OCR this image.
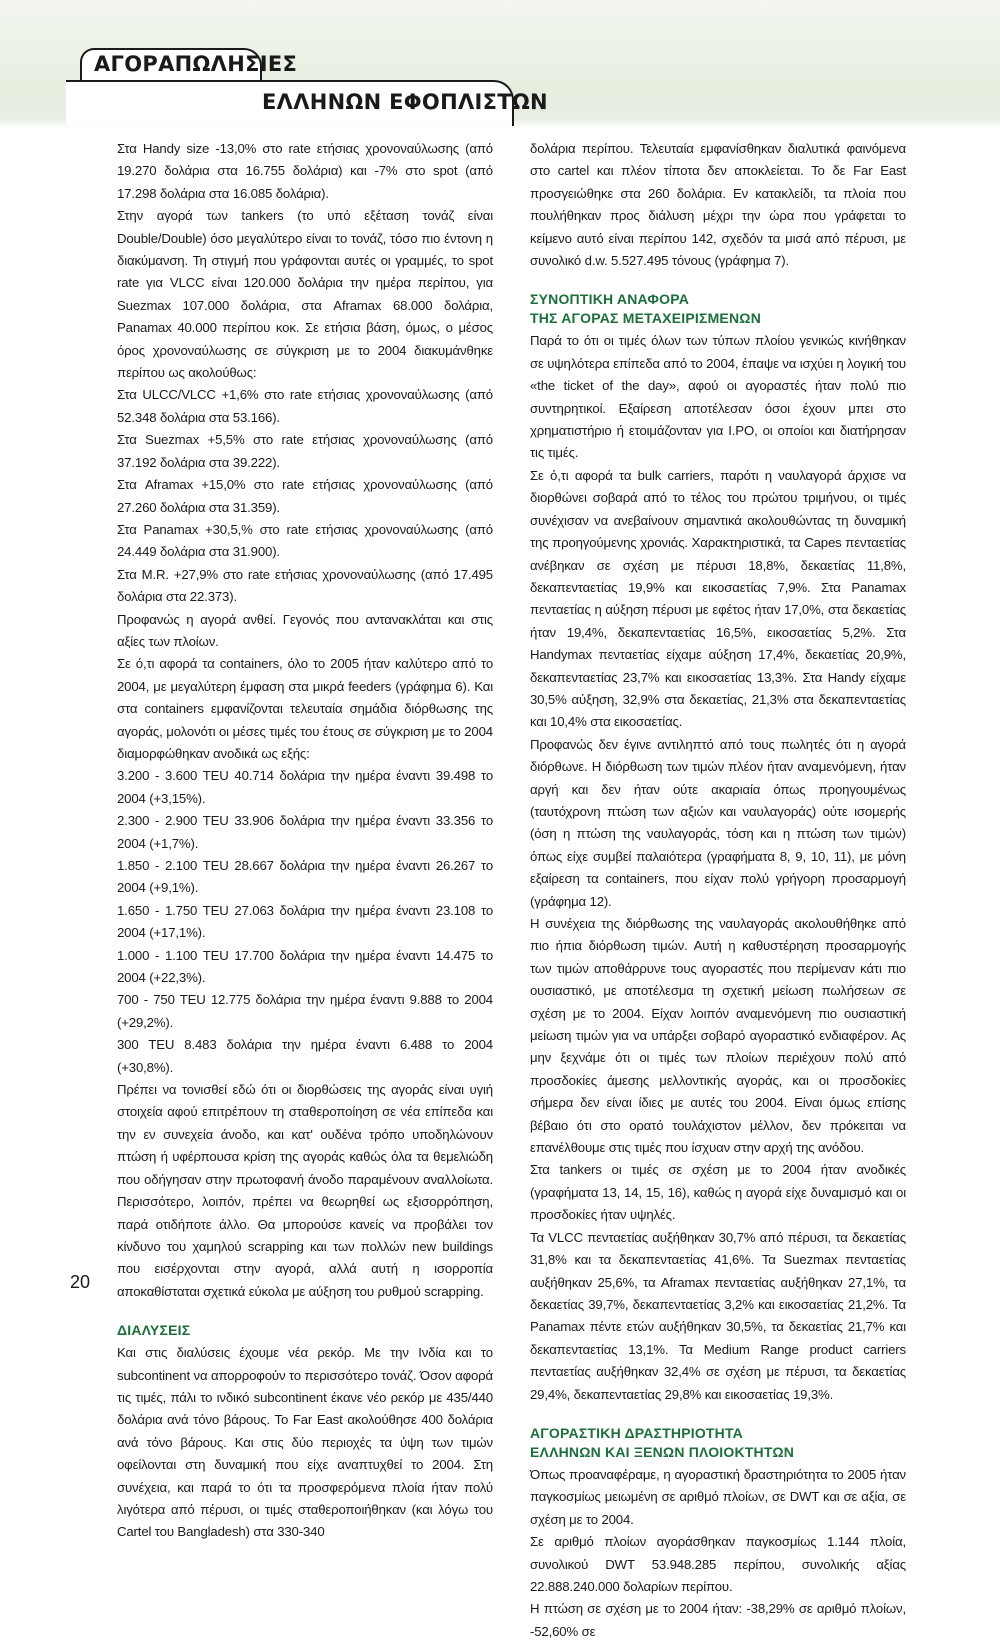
ΑΓΟΡΑΠΩΛΗΣΙΕΣ
ΕΛΛΗΝΩΝ ΕΦΟΠΛΙΣΤΩΝ

Στα Handy size -13,0% στο rate ετήσιας χρονοναύλωσης (από 19.270 δολάρια στα 16.755 δολάρια) και -7% στο spot (από 17.298 δολάρια στα 16.085 δολάρια).

Στην αγορά των tankers (το υπό εξέταση τονάζ είναι Double/Double) όσο μεγαλύτερο είναι το τονάζ, τόσο πιο έντονη η διακύμανση. Τη στιγμή που γράφονται αυτές οι γραμμές, το spot rate για VLCC είναι 120.000 δολάρια την ημέρα περίπου, για Suezmax 107.000 δολάρια, στα Aframax 68.000 δολάρια, Panamax 40.000 περίπου κοκ. Σε ετήσια βάση, όμως, ο μέσος όρος χρονοναύλωσης σε σύγκριση με το 2004 διακυμάνθηκε περίπου ως ακολούθως:

Στα ULCC/VLCC +1,6% στο rate ετήσιας χρονοναύλωσης (από 52.348 δολάρια στα 53.166).

Στα Suezmax +5,5% στο rate ετήσιας χρονοναύλωσης (από 37.192 δολάρια στα 39.222).

Στα Aframax +15,0% στο rate ετήσιας χρονοναύλωσης (από 27.260 δολάρια στα 31.359).

Στα Panamax +30,5,% στο rate ετήσιας χρονοναύλωσης (από 24.449 δολάρια στα 31.900).

Στα M.R. +27,9% στο rate ετήσιας χρονοναύλωσης (από 17.495 δολάρια στα 22.373).

Προφανώς η αγορά ανθεί. Γεγονός που αντανακλάται και στις αξίες των πλοίων.

Σε ό,τι αφορά τα containers, όλο το 2005 ήταν καλύτερο από το 2004, με μεγαλύτερη έμφαση στα μικρά feeders (γράφημα 6). Και στα containers εμφανίζονται τελευταία σημάδια διόρθωσης της αγοράς, μολονότι οι μέσες τιμές του έτους σε σύγκριση με το 2004 διαμορφώθηκαν ανοδικά ως εξής:

3.200 - 3.600 TEU 40.714 δολάρια την ημέρα έναντι 39.498 το 2004 (+3,15%).

2.300 - 2.900 TEU 33.906 δολάρια την ημέρα έναντι 33.356 το 2004 (+1,7%).

1.850 - 2.100 TEU 28.667 δολάρια την ημέρα έναντι 26.267 το 2004 (+9,1%).

1.650 - 1.750 TEU 27.063 δολάρια την ημέρα έναντι 23.108 το 2004 (+17,1%).

1.000 - 1.100 TEU 17.700 δολάρια την ημέρα έναντι 14.475 το 2004 (+22,3%).

700 - 750 TEU 12.775 δολάρια την ημέρα έναντι 9.888 το 2004 (+29,2%).

300 TEU 8.483 δολάρια την ημέρα έναντι 6.488 το 2004 (+30,8%).

Πρέπει να τονισθεί εδώ ότι οι διορθώσεις της αγοράς είναι υγιή στοιχεία αφού επιτρέπουν τη σταθεροποίηση σε νέα επίπεδα και την εν συνεχεία άνοδο, και κατ' ουδένα τρόπο υποδηλώνουν πτώση ή υφέρπουσα κρίση της αγοράς καθώς όλα τα θεμελιώδη που οδήγησαν στην πρωτοφανή άνοδο παραμένουν αναλλοίωτα. Περισσότερο, λοιπόν, πρέπει να θεωρηθεί ως εξισορρόπηση, παρά οτιδήποτε άλλο. Θα μπορούσε κανείς να προβάλει τον κίνδυνο του χαμηλού scrapping και των πολλών new buildings που εισέρχονται στην αγορά, αλλά αυτή η ισορροπία αποκαθίσταται σχετικά εύκολα με αύξηση του ρυθμού scrapping.

ΔΙΑΛΥΣΕΙΣ

Και στις διαλύσεις έχουμε νέα ρεκόρ. Με την Ινδία και το subcontinent να απορροφούν το περισσότερο τονάζ. Όσον αφορά τις τιμές, πάλι το ινδικό subcontinent έκανε νέο ρεκόρ με 435/440 δολάρια ανά τόνο βάρους. Το Far East ακολούθησε 400 δολάρια ανά τόνο βάρους. Και στις δύο περιοχές τα ύψη των τιμών οφείλονται στη δυναμική που είχε αναπτυχθεί το 2004. Στη συνέχεια, και παρά το ότι τα προσφερόμενα πλοία ήταν πολύ λιγότερα από πέρυσι, οι τιμές σταθεροποιήθηκαν (και λόγω του Cartel του Bangladesh) στα 330-340

δολάρια περίπου. Τελευταία εμφανίσθηκαν διαλυτικά φαινόμενα στο cartel και πλέον τίποτα δεν αποκλείεται. Το δε Far East προσγειώθηκε στα 260 δολάρια. Εν κατακλείδι, τα πλοία που πουλήθηκαν προς διάλυση μέχρι την ώρα που γράφεται το κείμενο αυτό είναι περίπου 142, σχεδόν τα μισά από πέρυσι, με συνολικό d.w. 5.527.495 τόνους (γράφημα 7).

ΣΥΝΟΠΤΙΚΗ ΑΝΑΦΟΡΑ
ΤΗΣ ΑΓΟΡΑΣ ΜΕΤΑΧΕΙΡΙΣΜΕΝΩΝ

Παρά το ότι οι τιμές όλων των τύπων πλοίου γενικώς κινήθηκαν σε υψηλότερα επίπεδα από το 2004, έπαψε να ισχύει η λογική του «the ticket of the day», αφού οι αγοραστές ήταν πολύ πιο συντηρητικοί. Εξαίρεση αποτέλεσαν όσοι έχουν μπει στο χρηματιστήριο ή ετοιμάζονταν για I.PO, οι οποίοι και διατήρησαν τις τιμές.

Σε ό,τι αφορά τα bulk carriers, παρότι η ναυλαγορά άρχισε να διορθώνει σοβαρά από το τέλος του πρώτου τριμήνου, οι τιμές συνέχισαν να ανεβαίνουν σημαντικά ακολουθώντας τη δυναμική της προηγούμενης χρονιάς. Χαρακτηριστικά, τα Capes πενταετίας ανέβηκαν σε σχέση με πέρυσι 18,8%, δεκαετίας 11,8%, δεκαπενταετίας 19,9% και εικοσαετίας 7,9%. Στα Panamax πενταετίας η αύξηση πέρυσι με εφέτος ήταν 17,0%, στα δεκαετίας ήταν 19,4%, δεκαπενταετίας 16,5%, εικοσαετίας 5,2%. Στα Handymax πενταετίας είχαμε αύξηση 17,4%, δεκαετίας 20,9%, δεκαπενταετίας 23,7% και εικοσαετίας 13,3%. Στα Handy είχαμε 30,5% αύξηση, 32,9% στα δεκαετίας, 21,3% στα δεκαπενταετίας και 10,4% στα εικοσαετίας.

Προφανώς δεν έγινε αντιληπτό από τους πωλητές ότι η αγορά διόρθωνε. Η διόρθωση των τιμών πλέον ήταν αναμενόμενη, ήταν αργή και δεν ήταν ούτε ακαριαία όπως προηγουμένως (ταυτόχρονη πτώση των αξιών και ναυλαγοράς) ούτε ισομερής (όση η πτώση της ναυλαγοράς, τόση και η πτώση των τιμών) όπως είχε συμβεί παλαιότερα (γραφήματα 8, 9, 10, 11), με μόνη εξαίρεση τα containers, που είχαν πολύ γρήγορη προσαρμογή (γράφημα 12).

Η συνέχεια της διόρθωσης της ναυλαγοράς ακολουθήθηκε από πιο ήπια διόρθωση τιμών. Αυτή η καθυστέρηση προσαρμογής των τιμών αποθάρρυνε τους αγοραστές που περίμεναν κάτι πιο ουσιαστικό, με αποτέλεσμα τη σχετική μείωση πωλήσεων σε σχέση με το 2004. Είχαν λοιπόν αναμενόμενη πιο ουσιαστική μείωση τιμών για να υπάρξει σοβαρό αγοραστικό ενδιαφέρον. Ας μην ξεχνάμε ότι οι τιμές των πλοίων περιέχουν πολύ από προσδοκίες άμεσης μελλοντικής αγοράς, και οι προσδοκίες σήμερα δεν είναι ίδιες με αυτές του 2004. Είναι όμως επίσης βέβαιο ότι στο ορατό τουλάχιστον μέλλον, δεν πρόκειται να επανέλθουμε στις τιμές που ίσχυαν στην αρχή της ανόδου.

Στα tankers οι τιμές σε σχέση με το 2004 ήταν ανοδικές (γραφήματα 13, 14, 15, 16), καθώς η αγορά είχε δυναμισμό και οι προσδοκίες ήταν υψηλές.

Τα VLCC πενταετίας αυξήθηκαν 30,7% από πέρυσι, τα δεκαετίας 31,8% και τα δεκαπενταετίας 41,6%. Τα Suezmax πενταετίας αυξήθηκαν 25,6%, τα Aframax πενταετίας αυξήθηκαν 27,1%, τα δεκαετίας 39,7%, δεκαπενταετίας 3,2% και εικοσαετίας 21,2%. Τα Panamax πέντε ετών αυξήθηκαν 30,5%, τα δεκαετίας 21,7% και δεκαπενταετίας 13,1%. Τα Medium Range product carriers πενταετίας αυξήθηκαν 32,4% σε σχέση με πέρυσι, τα δεκαετίας 29,4%, δεκαπενταετίας 29,8% και εικοσαετίας 19,3%.

ΑΓΟΡΑΣΤΙΚΗ ΔΡΑΣΤΗΡΙΟΤΗΤΑ
ΕΛΛΗΝΩΝ ΚΑΙ ΞΕΝΩΝ ΠΛΟΙΟΚΤΗΤΩΝ

Όπως προαναφέραμε, η αγοραστική δραστηριότητα το 2005 ήταν παγκοσμίως μειωμένη σε αριθμό πλοίων, σε DWT και σε αξία, σε σχέση με το 2004.

Σε αριθμό πλοίων αγοράσθηκαν παγκοσμίως 1.144 πλοία, συνολικού DWT 53.948.285 περίπου, συνολικής αξίας 22.888.240.000 δολαρίων περίπου.

Η πτώση σε σχέση με το 2004 ήταν: -38,29% σε αριθμό πλοίων, -52,60% σε

20
